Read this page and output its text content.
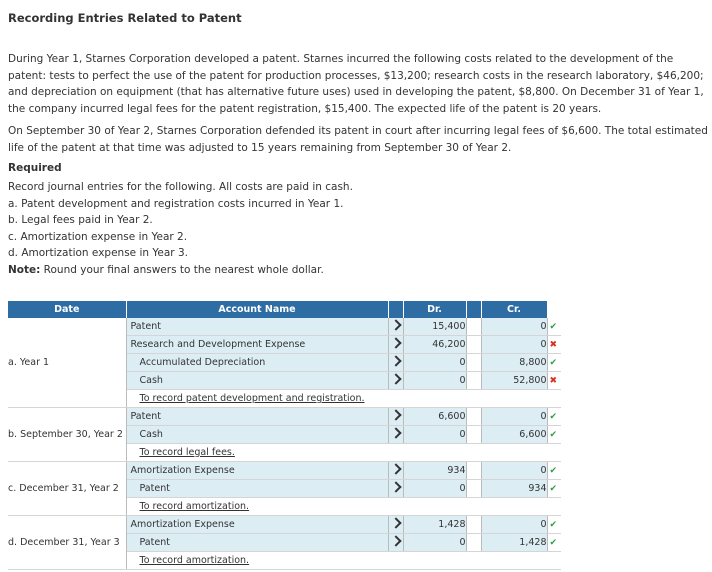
Recording Entries Related to Patent

During Year 1, Starnes Corporation developed a patent. Starnes incurred the following costs related to the development of the patent: tests to perfect the use of the patent for production processes, $13,200; research costs in the research laboratory, $46,200; and depreciation on equipment (that has alternative future uses) used in developing the patent, $8,800. On December 31 of Year 1, the company incurred legal fees for the patent registration, $15,400. The expected life of the patent is 20 years.

On September 30 of Year 2, Starnes Corporation defended its patent in court after incurring legal fees of $6,600. The total estimated life of the patent at that time was adjusted to 15 years remaining from September 30 of Year 2.

Required
Record journal entries for the following. All costs are paid in cash.
a. Patent development and registration costs incurred in Year 1.
b. Legal fees paid in Year 2.
c. Amortization expense in Year 2.
d. Amortization expense in Year 3.
Note: Round your final answers to the nearest whole dollar.
Date	Account Name		Dr.		Cr.	
a. Year 1	Patent		15,400		0	✔

	Research and Development Expense		46,200		0	✖

	Accumulated Depreciation		0		8,800	✔

	Cash		0		52,800	✖

	To record patent development and registration.					

b. September 30, Year 2	Patent		6,600		0	✔

	Cash		0		6,600	✔

	To record legal fees.					

c. December 31, Year 2	Amortization Expense		934		0	✔

	Patent		0		934	✔

	To record amortization.					

d. December 31, Year 3	Amortization Expense		1,428		0	✔

	Patent		0		1,428	✔

	To record amortization.					
